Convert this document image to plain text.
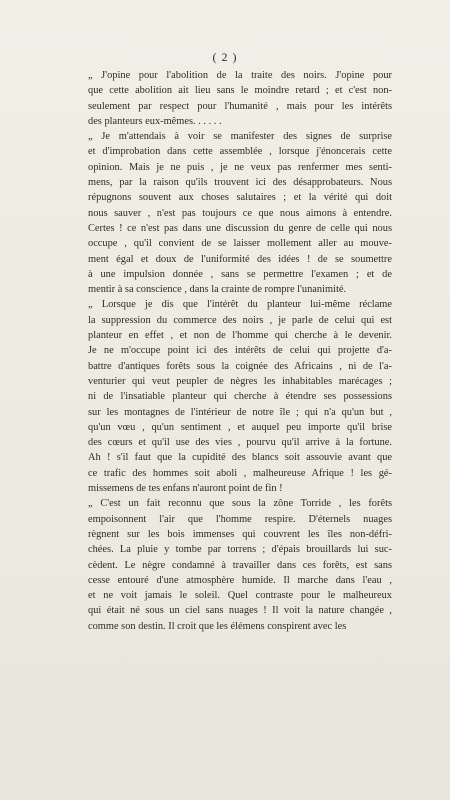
( 2 )
„ J'opine pour l'abolition de la traite des noirs. J'opine pour
que cette abolition ait lieu sans le moindre retard ; et c'est non-
seulement par respect pour l'humanité , mais pour les intérêts
des planteurs eux-mêmes. . . . . .
„ Je m'attendais à voir se manifester des signes de surprise
et d'improbation dans cette assemblée , lorsque j'énoncerais cette
opinion. Mais je ne puis , je ne veux pas renfermer mes senti-
mens, par la raison qu'ils trouvent ici des désapprobateurs. Nous
répugnons souvent aux choses salutaires ; et la vérité qui doit
nous sauver , n'est pas toujours ce que nous aimons à entendre.
Certes ! ce n'est pas dans une discussion du genre de celle qui nous
occupe , qu'il convient de se laisser mollement aller au mouve-
ment égal et doux de l'uniformité des idées ! de se soumettre
à une impulsion donnée , sans se permettre l'examen ; et de
mentir à sa conscience , dans la crainte de rompre l'unanimité.
„ Lorsque je dis que l'intérêt du planteur lui-même réclame
la suppression du commerce des noirs , je parle de celui qui est
planteur en effet , et non de l'homme qui cherche à le devenir.
Je ne m'occupe point ici des intérêts de celui qui projette d'a-
battre d'antiques forêts sous la coignée des Africains , ni de l'a-
venturier qui veut peupler de nègres les inhabitables marécages ;
ni de l'insatiable planteur qui cherche à étendre ses possessions
sur les montagnes de l'intérieur de notre île ; qui n'a qu'un but ,
qu'un vœu , qu'un sentiment , et auquel peu importe qu'il brise
des cœurs et qu'il use des vies , pourvu qu'il arrive à la fortune.
Ah ! s'il faut que la cupidité des blancs soit assouvie avant que
ce trafic des hommes soit aboli , malheureuse Afrique ! les gé-
missemens de tes enfans n'auront point de fin !
„ C'est un fait reconnu que sous la zône Torride , les forêts
empoisonnent l'air que l'homme respire. D'éternels nuages
règnent sur les bois immenses qui couvrent les îles non-défri-
chées. La pluie y tombe par torrens ; d'épais brouillards lui suc-
cèdent. Le nègre condamné à travailler dans ces forêts, est sans
cesse entouré d'une atmosphère humide. Il marche dans l'eau ,
et ne voit jamais le soleil. Quel contraste pour le malheureux
qui était né sous un ciel sans nuages ! Il voit la nature changée ,
comme son destin. Il croit que les élémens conspirent avec les
